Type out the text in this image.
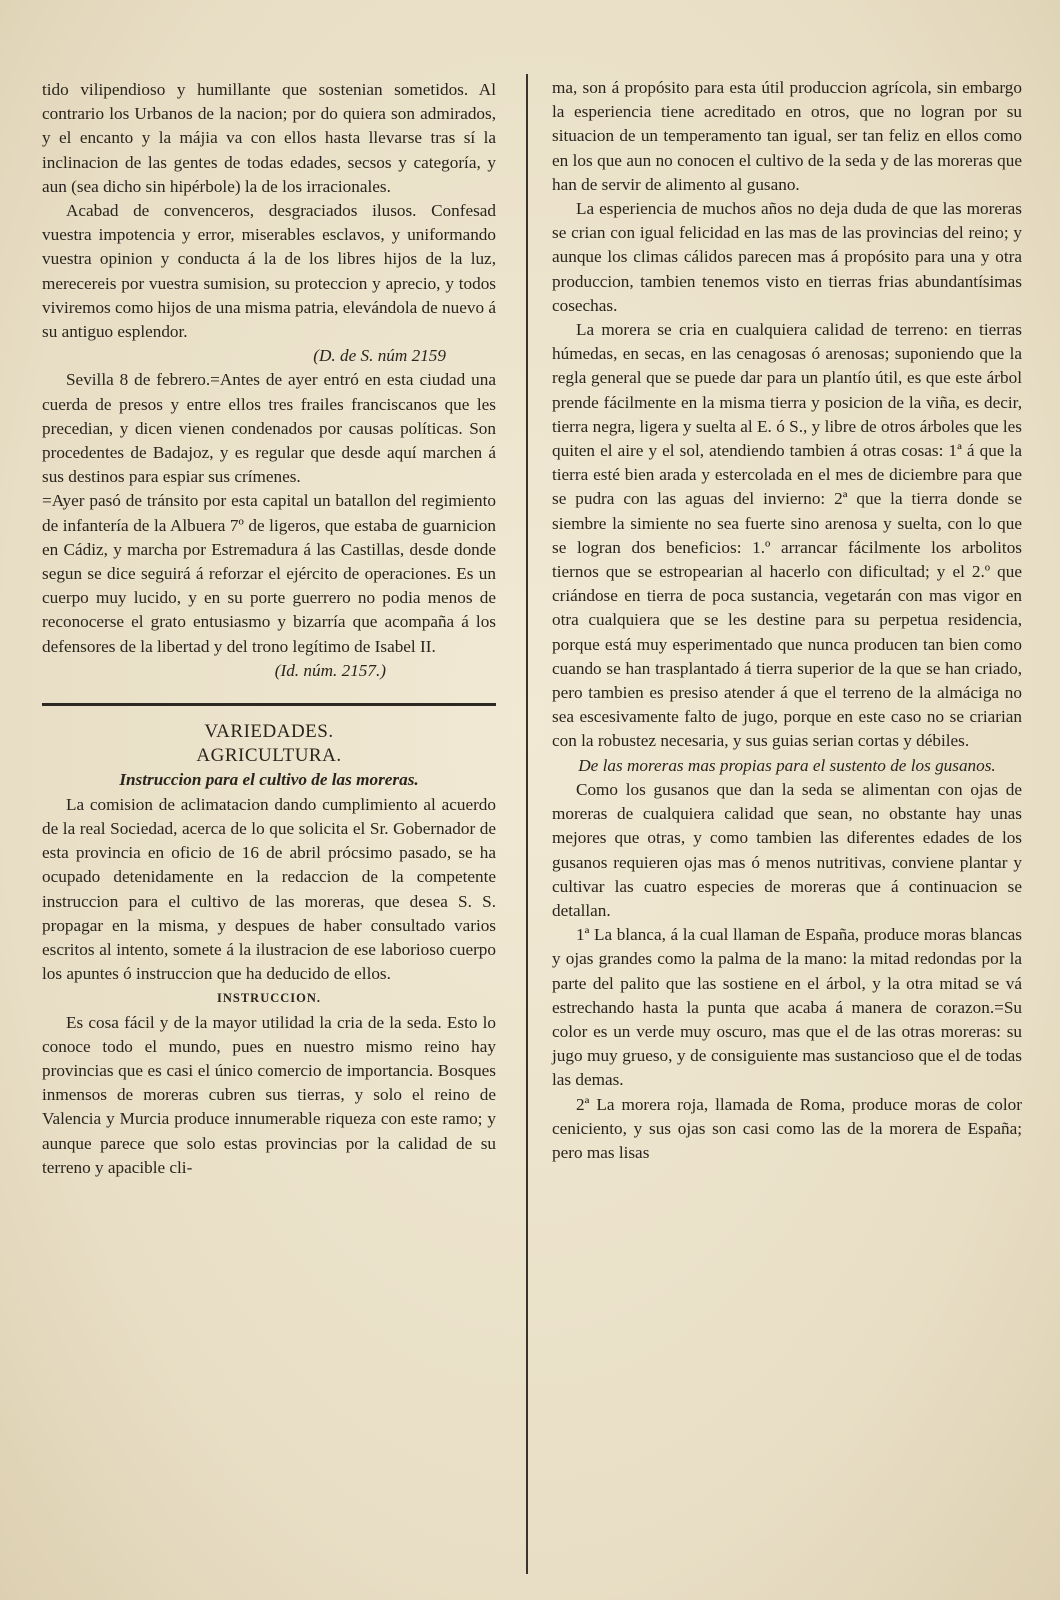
tido vilipendioso y humillante que sostenian sometidos. Al contrario los Urbanos de la nacion; por do quiera son admirados, y el encanto y la májia va con ellos hasta llevarse tras sí la inclinacion de las gentes de todas edades, secsos y categoría, y aun (sea dicho sin hipérbole) la de los irracionales.

Acabad de convenceros, desgraciados ilusos. Confesad vuestra impotencia y error, miserables esclavos, y uniformando vuestra opinion y conducta á la de los libres hijos de la luz, merecereis por vuestra sumision, su proteccion y aprecio, y todos viviremos como hijos de una misma patria, elevándola de nuevo á su antiguo esplendor.

(D. de S. núm 2159

Sevilla 8 de febrero.=Antes de ayer entró en esta ciudad una cuerda de presos y entre ellos tres frailes franciscanos que les precedian, y dicen vienen condenados por causas políticas. Son procedentes de Badajoz, y es regular que desde aquí marchen á sus destinos para espiar sus crímenes.

=Ayer pasó de tránsito por esta capital un batallon del regimiento de infantería de la Albuera 7º de ligeros, que estaba de guarnicion en Cádiz, y marcha por Estremadura á las Castillas, desde donde segun se dice seguirá á reforzar el ejército de operaciones. Es un cuerpo muy lucido, y en su porte guerrero no podia menos de reconocerse el grato entusiasmo y bizarría que acompaña á los defensores de la libertad y del trono legítimo de Isabel II.

(Id. núm. 2157.)

VARIEDADES.

AGRICULTURA.

Instruccion para el cultivo de las moreras.

La comision de aclimatacion dando cumplimiento al acuerdo de la real Sociedad, acerca de lo que solicita el Sr. Gobernador de esta provincia en oficio de 16 de abril prócsimo pasado, se ha ocupado detenidamente en la redaccion de la competente instruccion para el cultivo de las moreras, que desea S. S. propagar en la misma, y despues de haber consultado varios escritos al intento, somete á la ilustracion de ese laborioso cuerpo los apuntes ó instruccion que ha deducido de ellos.

INSTRUCCION.

Es cosa fácil y de la mayor utilidad la cria de la seda. Esto lo conoce todo el mundo, pues en nuestro mismo reino hay provincias que es casi el único comercio de importancia. Bosques inmensos de moreras cubren sus tierras, y solo el reino de Valencia y Murcia produce innumerable riqueza con este ramo; y aunque parece que solo estas provincias por la calidad de su terreno y apacible cli-

ma, son á propósito para esta útil produccion agrícola, sin embargo la esperiencia tiene acreditado en otros, que no logran por su situacion de un temperamento tan igual, ser tan feliz en ellos como en los que aun no conocen el cultivo de la seda y de las moreras que han de servir de alimento al gusano.

La esperiencia de muchos años no deja duda de que las moreras se crian con igual felicidad en las mas de las provincias del reino; y aunque los climas cálidos parecen mas á propósito para una y otra produccion, tambien tenemos visto en tierras frias abundantísimas cosechas.

La morera se cria en cualquiera calidad de terreno: en tierras húmedas, en secas, en las cenagosas ó arenosas; suponiendo que la regla general que se puede dar para un plantío útil, es que este árbol prende fácilmente en la misma tierra y posicion de la viña, es decir, tierra negra, ligera y suelta al E. ó S., y libre de otros árboles que les quiten el aire y el sol, atendiendo tambien á otras cosas: 1ª á que la tierra esté bien arada y estercolada en el mes de diciembre para que se pudra con las aguas del invierno: 2ª que la tierra donde se siembre la simiente no sea fuerte sino arenosa y suelta, con lo que se logran dos beneficios: 1.º arrancar fácilmente los arbolitos tiernos que se estropearian al hacerlo con dificultad; y el 2.º que criándose en tierra de poca sustancia, vegetarán con mas vigor en otra cualquiera que se les destine para su perpetua residencia, porque está muy esperimentado que nunca producen tan bien como cuando se han trasplantado á tierra superior de la que se han criado, pero tambien es presiso atender á que el terreno de la almáciga no sea escesivamente falto de jugo, porque en este caso no se criarian con la robustez necesaria, y sus guias serian cortas y débiles.

De las moreras mas propias para el sustento de los gusanos.

Como los gusanos que dan la seda se alimentan con ojas de moreras de cualquiera calidad que sean, no obstante hay unas mejores que otras, y como tambien las diferentes edades de los gusanos requieren ojas mas ó menos nutritivas, conviene plantar y cultivar las cuatro especies de moreras que á continuacion se detallan.

1ª La blanca, á la cual llaman de España, produce moras blancas y ojas grandes como la palma de la mano: la mitad redondas por la parte del palito que las sostiene en el árbol, y la otra mitad se vá estrechando hasta la punta que acaba á manera de corazon.=Su color es un verde muy oscuro, mas que el de las otras moreras: su jugo muy grueso, y de consiguiente mas sustancioso que el de todas las demas.

2ª La morera roja, llamada de Roma, produce moras de color ceniciento, y sus ojas son casi como las de la morera de España; pero mas lisas
